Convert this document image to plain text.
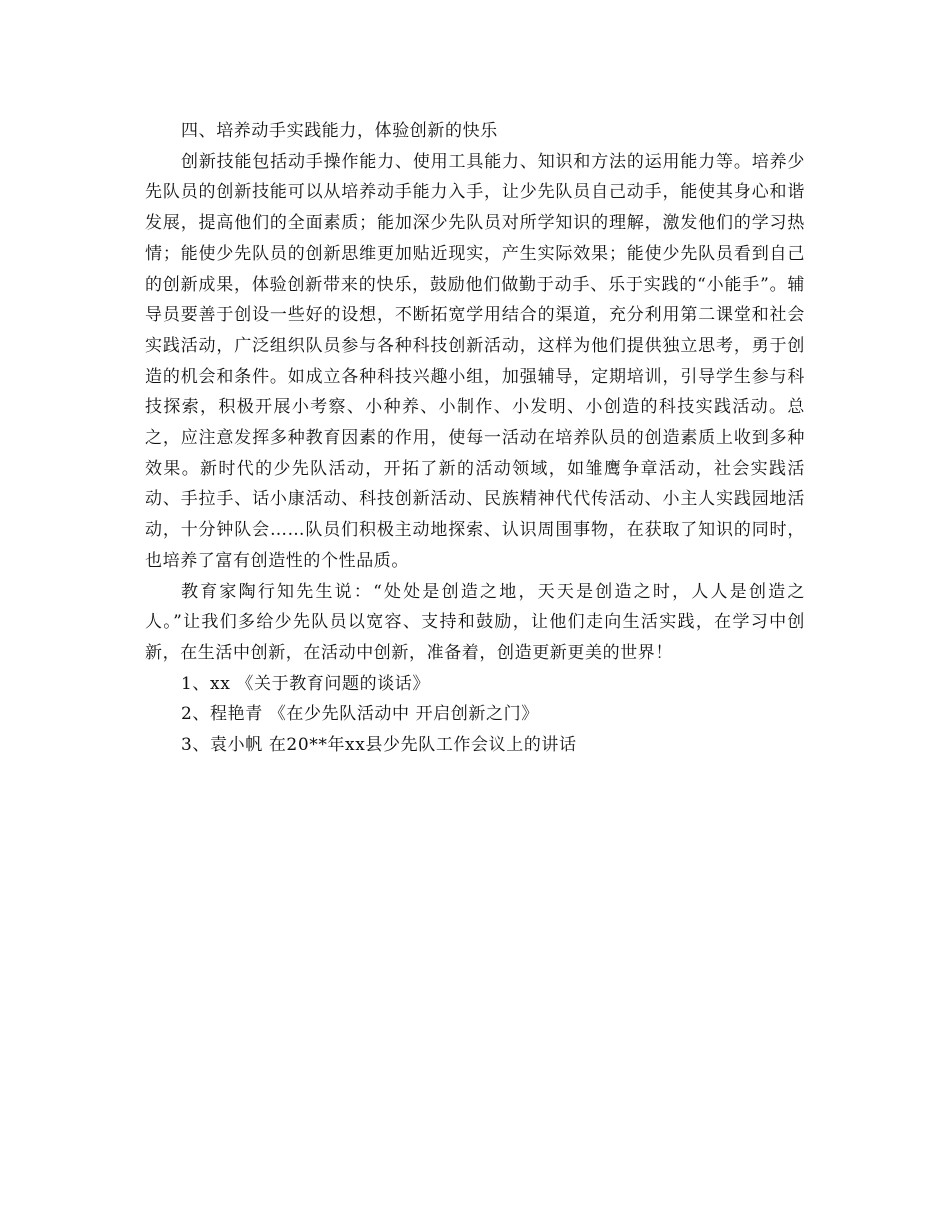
四、培养动手实践能力，体验创新的快乐

创新技能包括动手操作能力、使用工具能力、知识和方法的运用能力等。培养少先队员的创新技能可以从培养动手能力入手，让少先队员自己动手，能使其身心和谐发展，提高他们的全面素质；能加深少先队员对所学知识的理解，激发他们的学习热情；能使少先队员的创新思维更加贴近现实，产生实际效果；能使少先队员看到自己的创新成果，体验创新带来的快乐，鼓励他们做勤于动手、乐于实践的“小能手”。辅导员要善于创设一些好的设想，不断拓宽学用结合的渠道，充分利用第二课堂和社会实践活动，广泛组织队员参与各种科技创新活动，这样为他们提供独立思考，勇于创造的机会和条件。如成立各种科技兴趣小组，加强辅导，定期培训，引导学生参与科技探索，积极开展小考察、小种养、小制作、小发明、小创造的科技实践活动。总之，应注意发挥多种教育因素的作用，使每一活动在培养队员的创造素质上收到多种效果。新时代的少先队活动，开拓了新的活动领域，如雏鹰争章活动，社会实践活动、手拉手、话小康活动、科技创新活动、民族精神代代传活动、小主人实践园地活动，十分钟队会……队员们积极主动地探索、认识周围事物，在获取了知识的同时，也培养了富有创造性的个性品质。

教育家陶行知先生说：“处处是创造之地，天天是创造之时，人人是创造之人。”让我们多给少先队员以宽容、支持和鼓励，让他们走向生活实践，在学习中创新，在生活中创新，在活动中创新，准备着，创造更新更美的世界！

1、xx 《关于教育问题的谈话》

2、程艳青 《在少先队活动中 开启创新之门》

3、袁小帆 在20**年xx县少先队工作会议上的讲话
